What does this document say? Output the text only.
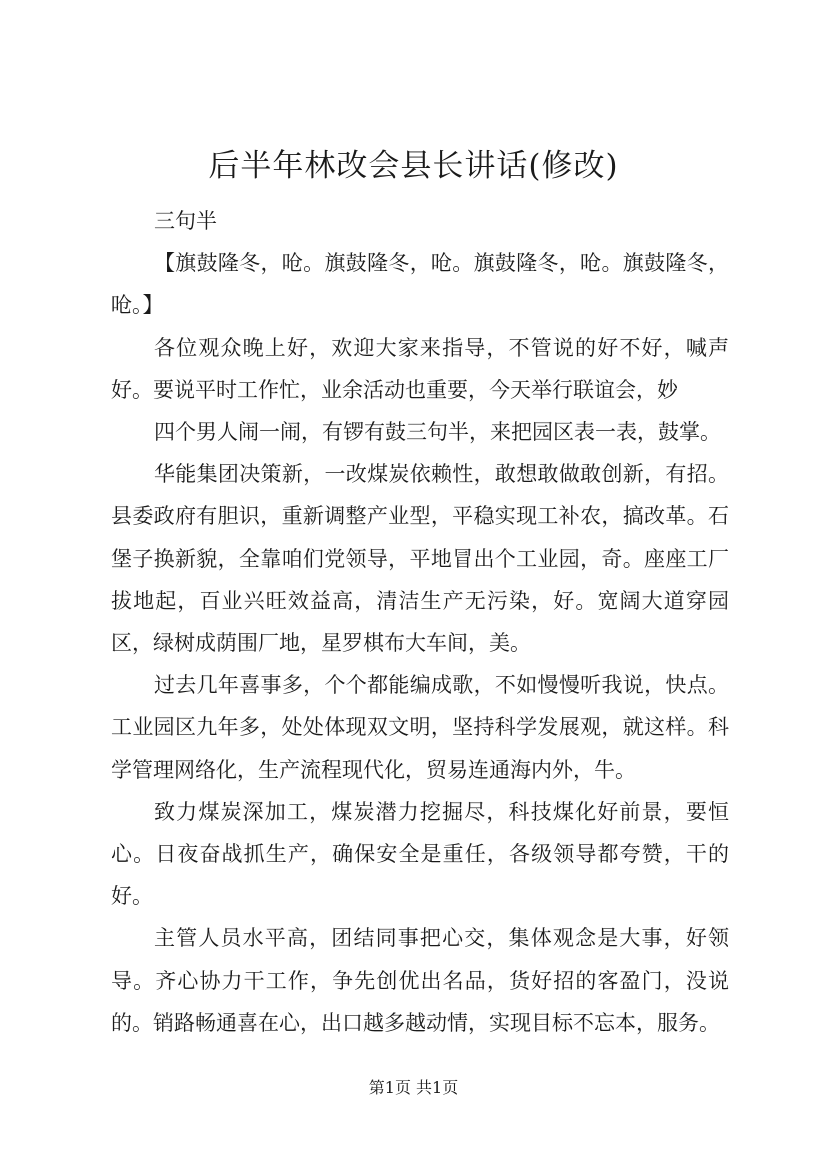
后半年林改会县长讲话(修改)

三句半

【旗鼓隆冬，呛。旗鼓隆冬，呛。旗鼓隆冬，呛。旗鼓隆冬，呛。】

各位观众晚上好，欢迎大家来指导，不管说的好不好，喊声好。要说平时工作忙，业余活动也重要，今天举行联谊会，妙

四个男人闹一闹，有锣有鼓三句半，来把园区表一表，鼓掌。

华能集团决策新，一改煤炭依赖性，敢想敢做敢创新，有招。县委政府有胆识，重新调整产业型，平稳实现工补农，搞改革。石堡子换新貌，全靠咱们党领导，平地冒出个工业园，奇。座座工厂拔地起，百业兴旺效益高，清洁生产无污染，好。宽阔大道穿园区，绿树成荫围厂地，星罗棋布大车间，美。

过去几年喜事多，个个都能编成歌，不如慢慢听我说，快点。工业园区九年多，处处体现双文明，坚持科学发展观，就这样。科学管理网络化，生产流程现代化，贸易连通海内外，牛。

致力煤炭深加工，煤炭潜力挖掘尽，科技煤化好前景，要恒心。日夜奋战抓生产，确保安全是重任，各级领导都夸赞，干的好。

主管人员水平高，团结同事把心交，集体观念是大事，好领导。齐心协力干工作，争先创优出名品，货好招的客盈门，没说的。销路畅通喜在心，出口越多越动情，实现目标不忘本，服务。

第1页 共1页
